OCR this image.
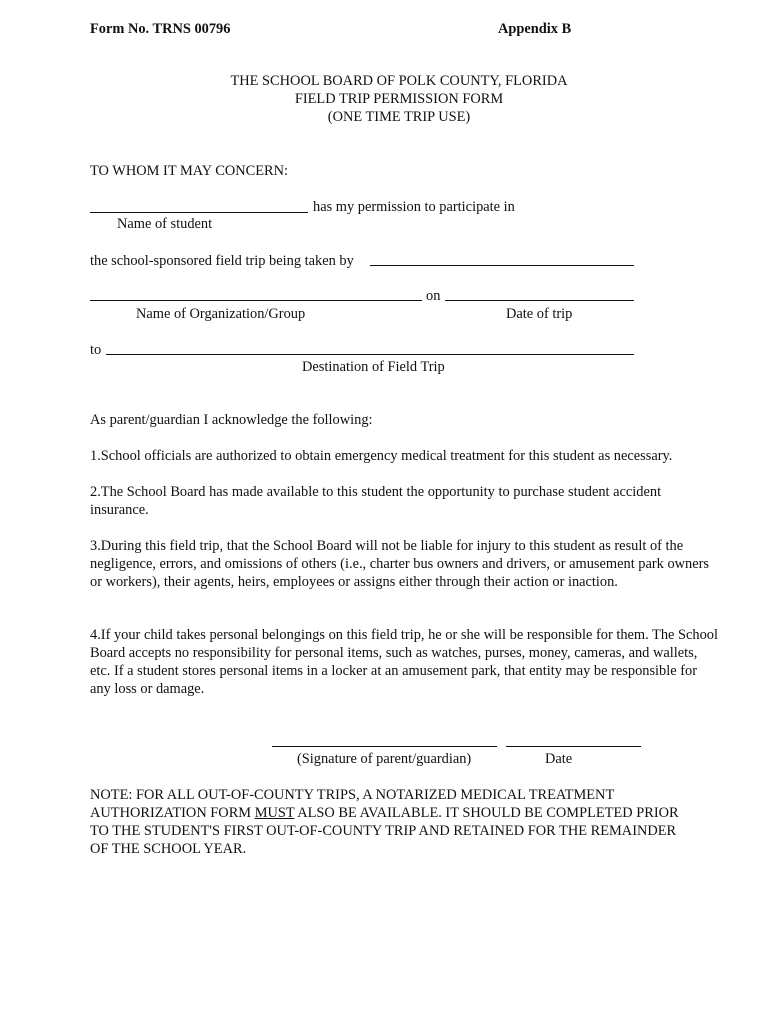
Form No. TRNS 00796	Appendix B
THE SCHOOL BOARD OF POLK COUNTY, FLORIDA
FIELD TRIP PERMISSION FORM
(ONE TIME TRIP USE)
TO WHOM IT MAY CONCERN:
has my permission to participate in
Name of student
the school-sponsored field trip being taken by
on
Name of Organization/Group	Date of trip
to
Destination of Field Trip
As parent/guardian I acknowledge the following:
1.School officials are authorized to obtain emergency medical treatment for this student as necessary.
2.The School Board has made available to this student the opportunity to purchase student accident insurance.
3.During this field trip, that the School Board will not be liable for injury to this student as result of the negligence, errors, and omissions of others (i.e., charter bus owners and drivers, or amusement park owners or workers), their agents, heirs, employees or assigns either through their action or inaction.
4.If your child takes personal belongings on this field trip, he or she will be responsible for them. The School Board accepts no responsibility for personal items, such as watches, purses, money, cameras, and wallets, etc. If a student stores personal items in a locker at an amusement park, that entity may be responsible for any loss or damage.
(Signature of parent/guardian)	Date
NOTE: FOR ALL OUT-OF-COUNTY TRIPS, A NOTARIZED MEDICAL TREATMENT AUTHORIZATION FORM MUST ALSO BE AVAILABLE. IT SHOULD BE COMPLETED PRIOR TO THE STUDENT'S FIRST OUT-OF-COUNTY TRIP AND RETAINED FOR THE REMAINDER OF THE SCHOOL YEAR.
